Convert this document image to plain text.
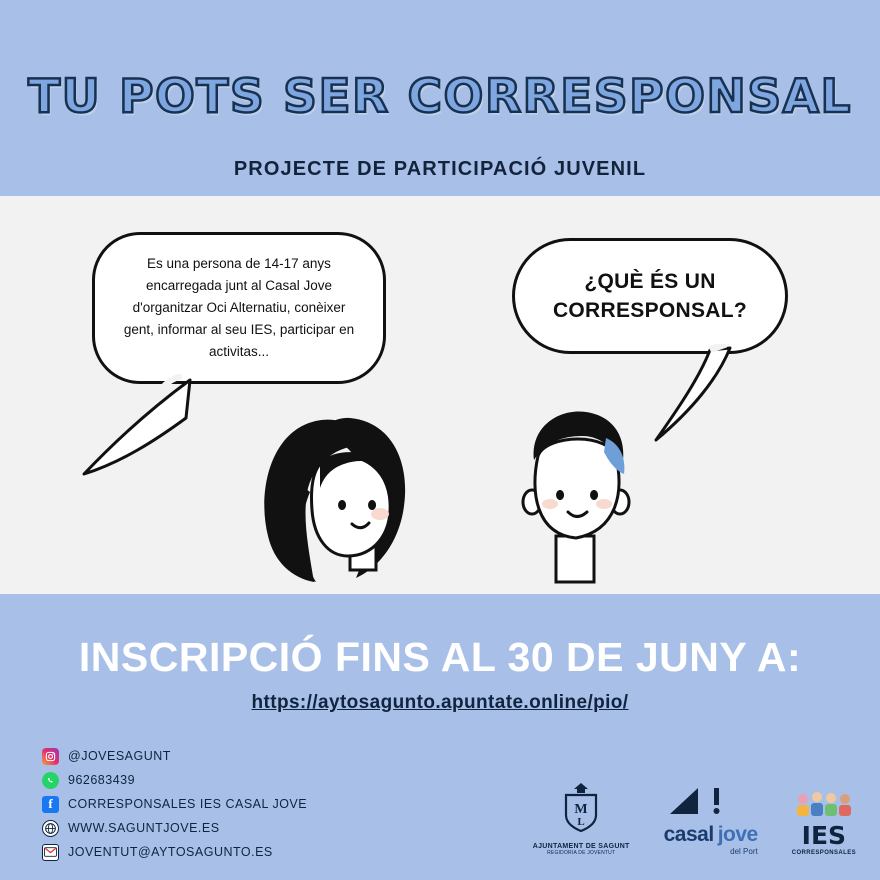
TU POTS SER CORRESPONSAL
PROJECTE DE PARTICIPACIÓ JUVENIL

Es una persona de 14-17 anys encarregada junt al Casal Jove d'organitzar Oci Alternatiu, conèixer gent, informar al seu IES, participar en activitas...

¿QUÈ ÉS UN CORRESPONSAL?

INSCRIPCIÓ FINS AL 30 DE JUNY A:
https://aytosagunto.apuntate.online/pio/
@JOVESAGUNT
962683439
f	CORRESPONSALES IES CASAL JOVE
WWW.SAGUNTJOVE.ES
JOVENTUT@AYTOSAGUNTO.ES
M
L
AJUNTAMENT DE SAGUNT
REGIDORIA DE JOVENTUT
casal jove
del Port
IES
CORRESPONSALES
